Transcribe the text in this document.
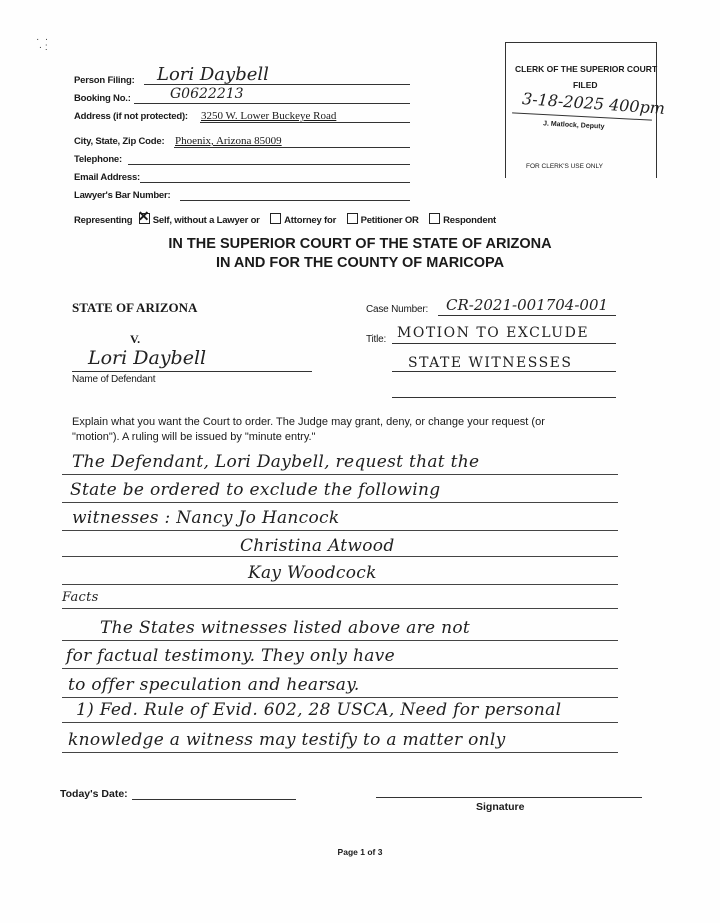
·  ·
· :
Person Filing: Lori Daybell
Booking No.:	G0622213
Address (if not protected): 3250 W. Lower Buckeye Road
City, State, Zip Code: Phoenix, Arizona 85009
Telephone:
Email Address:
Lawyer's Bar Number:
Representing ✕ Self, without a Lawyer or	Attorney for	Petitioner OR	Respondent
CLERK OF THE SUPERIOR COURT
FILED
3-18-2025 400pm
J. Matlock, Deputy
FOR CLERK'S USE ONLY
IN THE SUPERIOR COURT OF THE STATE OF ARIZONA
IN AND FOR THE COUNTY OF MARICOPA
STATE OF ARIZONA
V.
Lori Daybell
Name of Defendant
Case Number: CR-2021-001704-001
Title: MOTION TO EXCLUDE
STATE WITNESSES
Explain what you want the Court to order. The Judge may grant, deny, or change your request (or
"motion"). A ruling will be issued by "minute entry."
The Defendant, Lori Daybell, request that the
State be ordered to exclude the following
witnesses : Nancy Jo Hancock
Christina Atwood
Kay Woodcock
Facts
The States witnesses listed above are not
for factual testimony. They only have
to offer speculation and hearsay.
1) Fed. Rule of Evid. 602, 28 USCA, Need for personal
knowledge a witness may testify to a matter only
Today's Date:
Signature
Page 1 of 3
